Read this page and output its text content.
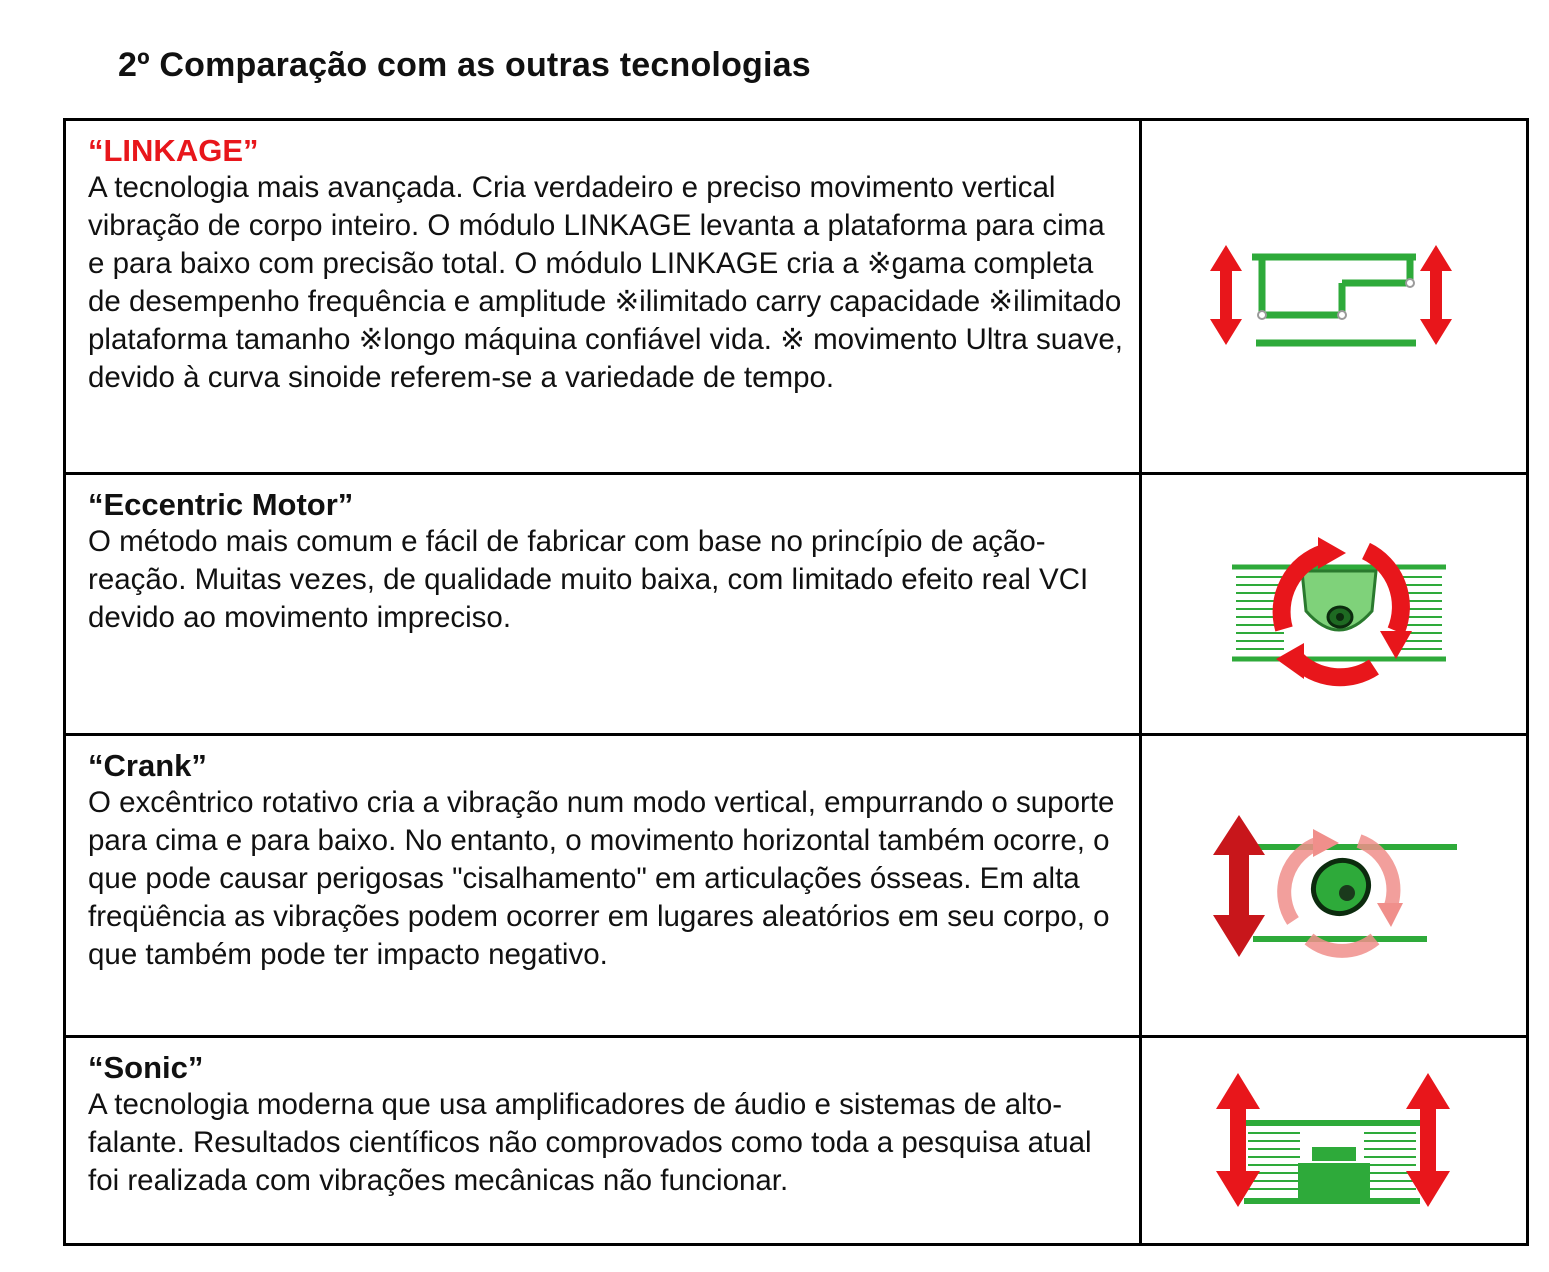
2º Comparação com as outras tecnologias

“LINKAGE”

A tecnologia mais avançada. Cria verdadeiro e preciso movimento vertical vibração de corpo inteiro. O módulo LINKAGE levanta a plataforma para cima e para baixo com precisão total. O módulo LINKAGE cria a ※gama completa de desempenho frequência e amplitude ※ilimitado carry capacidade ※ilimitado plataforma tamanho ※longo máquina confiável vida. ※ movimento Ultra suave, devido à curva sinoide referem-se a variedade de tempo.

“Eccentric Motor”

O método mais comum e fácil de fabricar com base no princípio de ação-reação. Muitas vezes, de qualidade muito baixa, com limitado efeito real VCI devido ao movimento impreciso.

“Crank”

O excêntrico rotativo cria a vibração num modo vertical, empurrando o suporte para cima e para baixo. No entanto, o movimento horizontal também ocorre, o que pode causar perigosas "cisalhamento" em articulações ósseas. Em alta freqüência as vibrações podem ocorrer em lugares aleatórios em seu corpo, o que também pode ter impacto negativo.

“Sonic”

A tecnologia moderna que usa amplificadores de áudio e sistemas de alto-falante. Resultados científicos não comprovados como toda a pesquisa atual foi realizada com vibrações mecânicas não funcionar.
